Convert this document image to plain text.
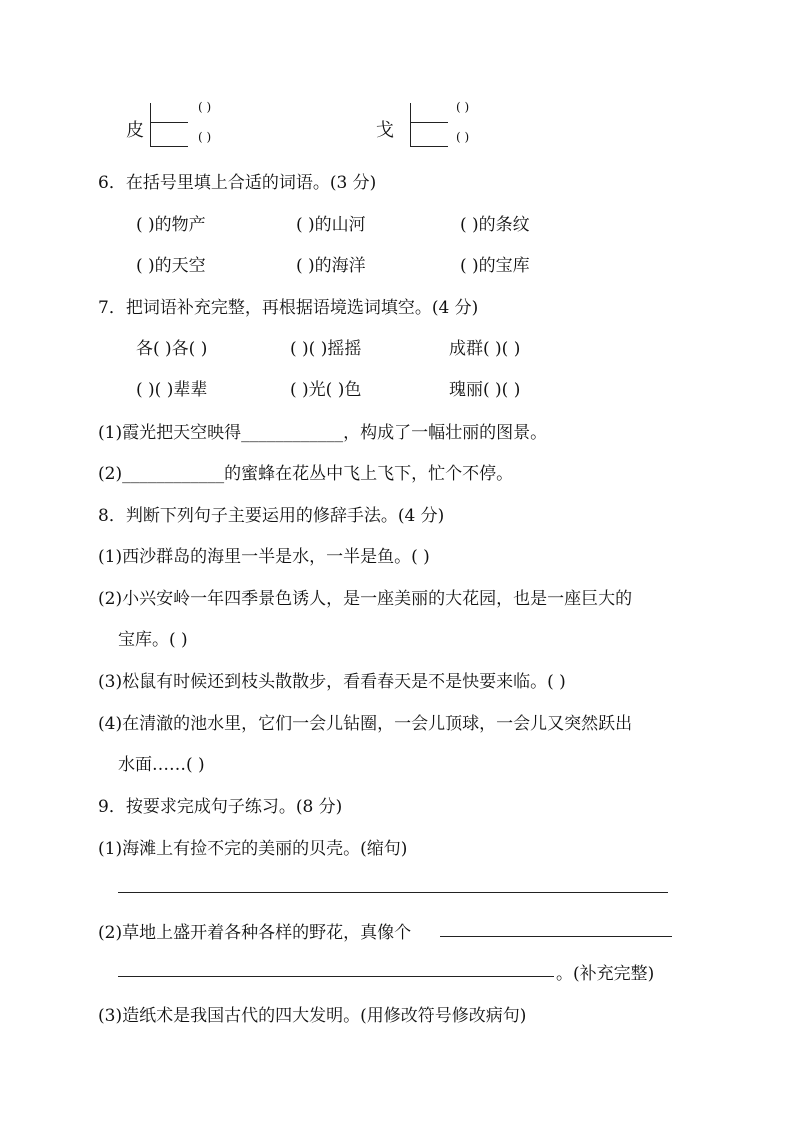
皮
( )
( )	戈
( )
( )
6．在括号里填上合适的词语。(3 分)
( )的物产	( )的山河	( )的条纹
( )的天空	( )的海洋	( )的宝库
7．把词语补充完整，再根据语境选词填空。(4 分)
各( )各( )	( )( )摇摇	成群( )( )
( )( )辈辈	( )光( )色	瑰丽( )( )
(1)霞光把天空映得____________，构成了一幅壮丽的图景。
(2)____________的蜜蜂在花丛中飞上飞下，忙个不停。
8．判断下列句子主要运用的修辞手法。(4 分)
(1)西沙群岛的海里一半是水，一半是鱼。( )
(2)小兴安岭一年四季景色诱人，是一座美丽的大花园，也是一座巨大的
宝库。( )
(3)松鼠有时候还到枝头散散步，看看春天是不是快要来临。( )
(4)在清澈的池水里，它们一会儿钻圈，一会儿顶球，一会儿又突然跃出
水面……( )
9．按要求完成句子练习。(8 分)
(1)海滩上有捡不完的美丽的贝壳。(缩句)
(2)草地上盛开着各种各样的野花，真像个
。(补充完整)
(3)造纸术是我国古代的四大发明。(用修改符号修改病句)
